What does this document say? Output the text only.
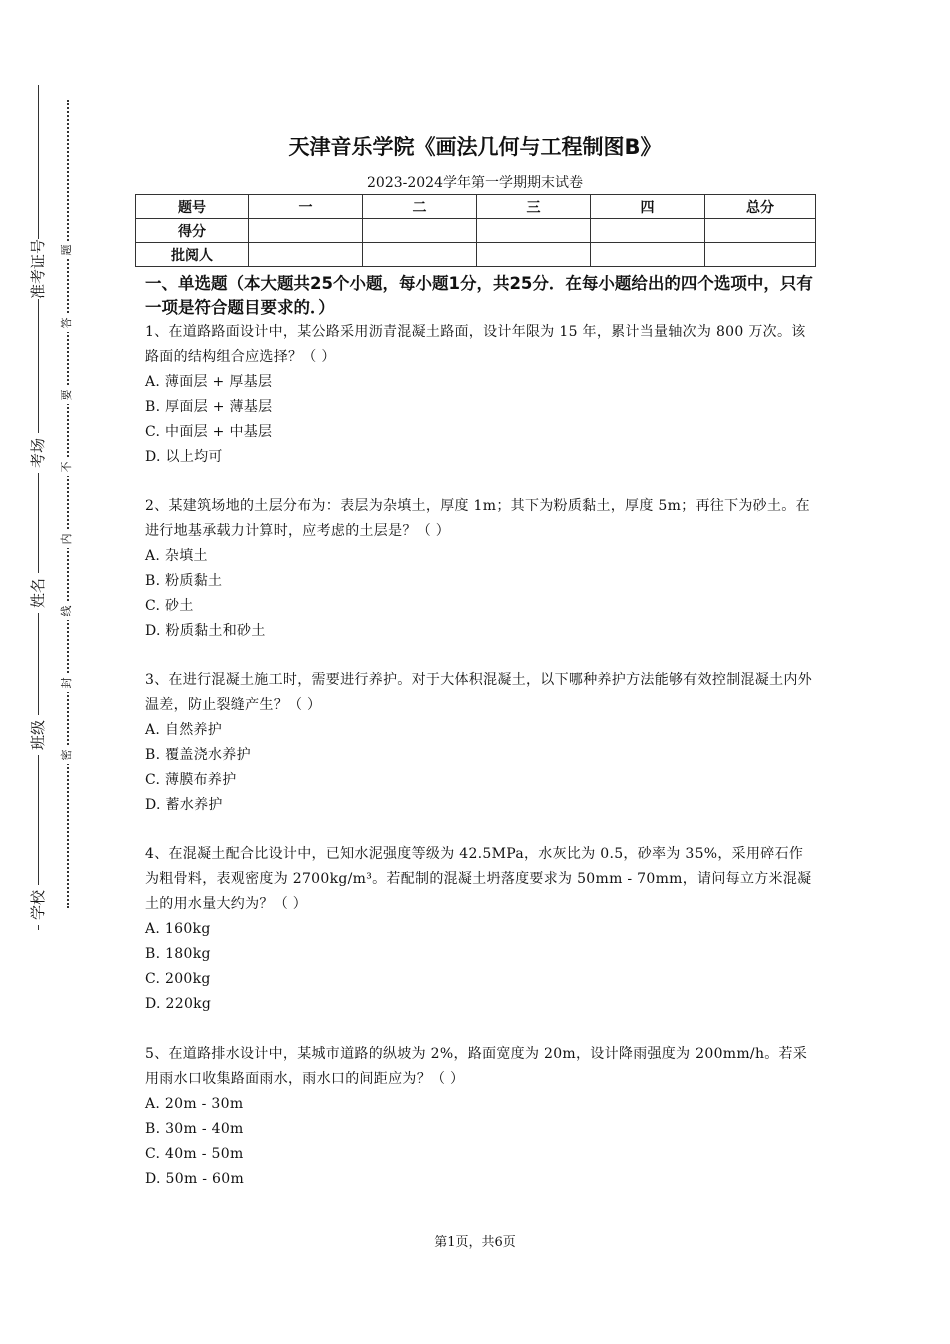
准考证号
考场
姓名
班级
学校
题
答
要
不
内
线
封
密
天津音乐学院《画法几何与工程制图B》
2023-2024学年第一学期期末试卷
题号	一	二	三	四	总分
得分					
批阅人					
一、单选题（本大题共25个小题，每小题1分，共25分．在每小题给出的四个选项中，只有一项是符合题目要求的．）
1、在道路路面设计中，某公路采用沥青混凝土路面，设计年限为 15 年，累计当量轴次为 800 万次。该路面的结构组合应选择？（ ）
A. 薄面层 + 厚基层
B. 厚面层 + 薄基层
C. 中面层 + 中基层
D. 以上均可
2、某建筑场地的土层分布为：表层为杂填土，厚度 1m；其下为粉质黏土，厚度 5m；再往下为砂土。在进行地基承载力计算时，应考虑的土层是？（ ）
A. 杂填土
B. 粉质黏土
C. 砂土
D. 粉质黏土和砂土
3、在进行混凝土施工时，需要进行养护。对于大体积混凝土，以下哪种养护方法能够有效控制混凝土内外温差，防止裂缝产生？（ ）
A. 自然养护
B. 覆盖浇水养护
C. 薄膜布养护
D. 蓄水养护
4、在混凝土配合比设计中，已知水泥强度等级为 42.5MPa，水灰比为 0.5，砂率为 35%，采用碎石作为粗骨料，表观密度为 2700kg/m³。若配制的混凝土坍落度要求为 50mm - 70mm，请问每立方米混凝土的用水量大约为？（ ）
A. 160kg
B. 180kg
C. 200kg
D. 220kg
5、在道路排水设计中，某城市道路的纵坡为 2%，路面宽度为 20m，设计降雨强度为 200mm/h。若采用雨水口收集路面雨水，雨水口的间距应为？（ ）
A. 20m - 30m
B. 30m - 40m
C. 40m - 50m
D. 50m - 60m
第1页，共6页
